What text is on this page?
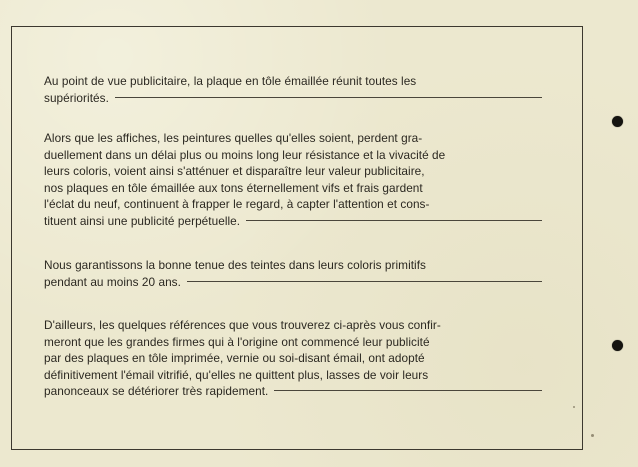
Au point de vue publicitaire, la plaque en tôle émaillée réunit toutes les
supériorités.
Alors que les affiches, les peintures quelles qu'elles soient, perdent gra-
duellement dans un délai plus ou moins long leur résistance et la vivacité de
leurs coloris, voient ainsi s'atténuer et disparaître leur valeur publicitaire,
nos plaques en tôle émaillée aux tons éternellement vifs et frais gardent
l'éclat du neuf, continuent à frapper le regard, à capter l'attention et cons-
tituent ainsi une publicité perpétuelle.
Nous garantissons la bonne tenue des teintes dans leurs coloris primitifs
pendant au moins 20 ans.
D'ailleurs, les quelques références que vous trouverez ci-après vous confir-
meront que les grandes firmes qui à l'origine ont commencé leur publicité
par des plaques en tôle imprimée, vernie ou soi-disant émail, ont adopté
définitivement l'émail vitrifié, qu'elles ne quittent plus, lasses de voir leurs
panonceaux se détériorer très rapidement.
